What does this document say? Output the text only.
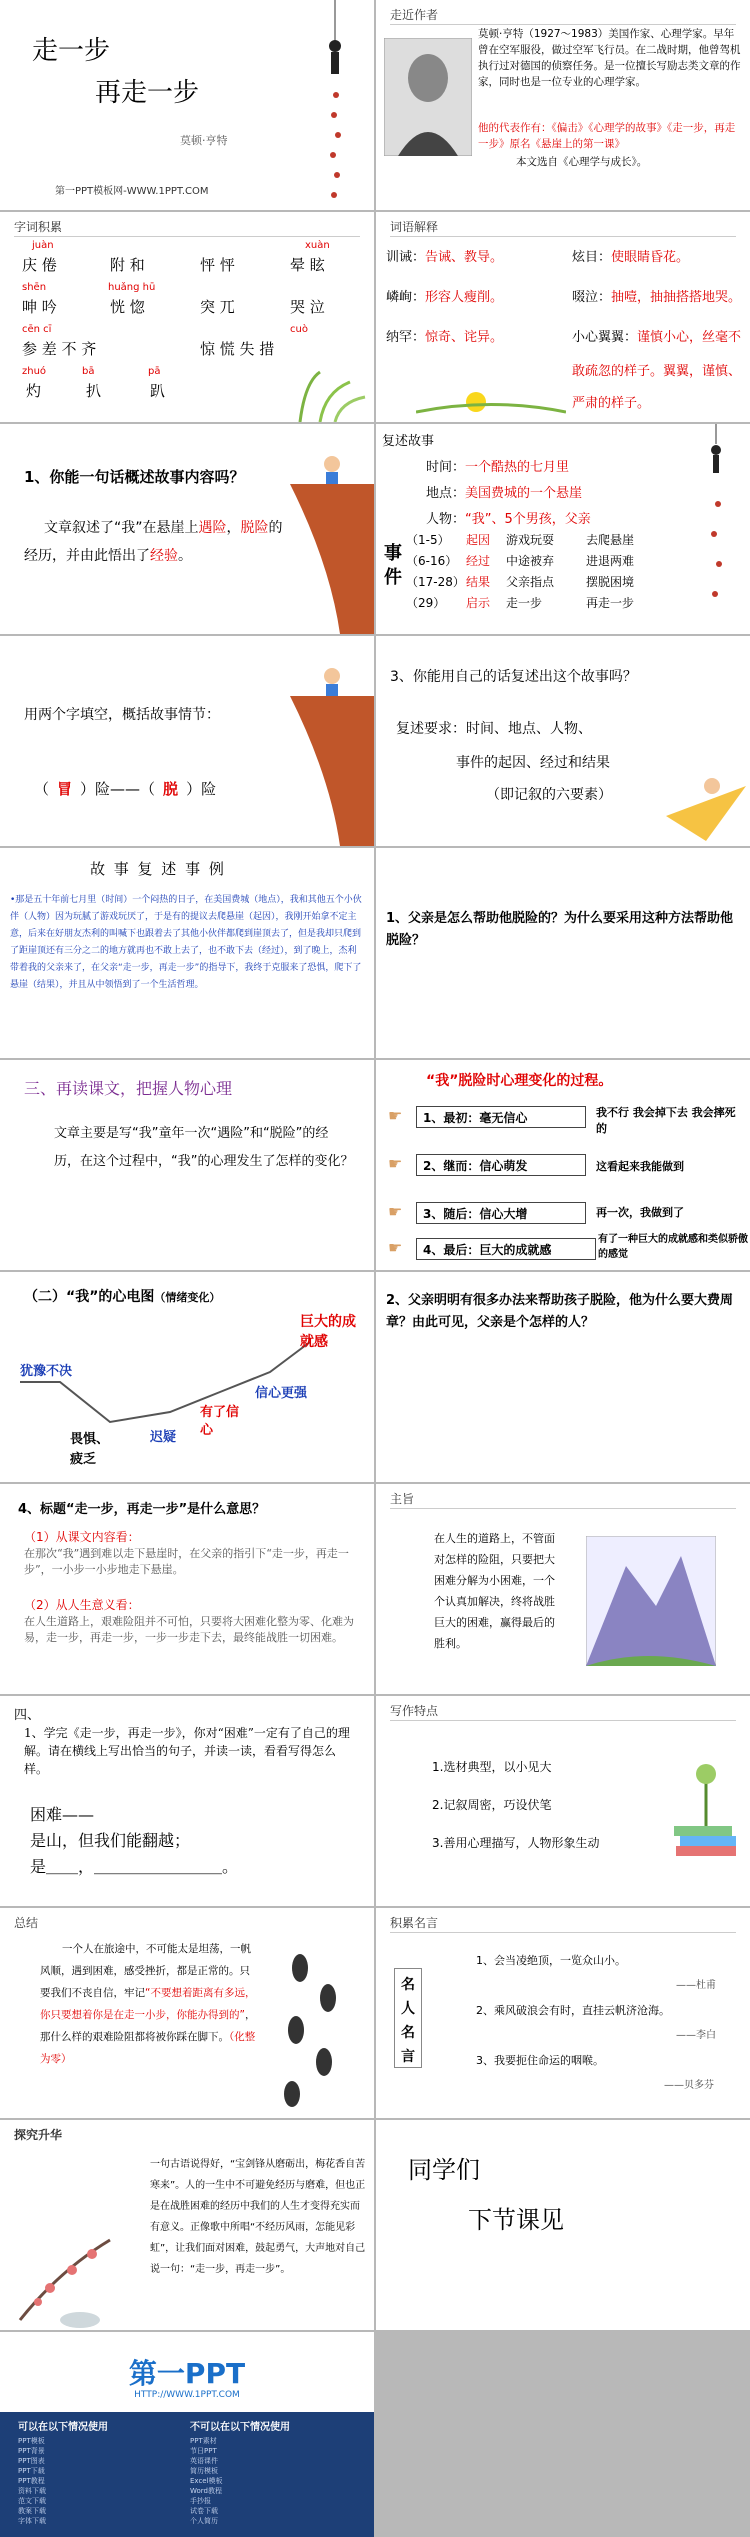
走一步
再走一步
莫顿·亨特
第一PPT模板网-WWW.1PPT.COM
走近作者
莫顿·亨特（1927～1983）美国作家、心理学家。早年曾在空军服役，做过空军飞行员。在二战时期，他曾驾机执行过对德国的侦察任务。是一位擅长写励志类文章的作家，同时也是一位专业的心理学家。
他的代表作有：《偏击》《心理学的故事》《走一步，再走一步》原名《悬崖上的第一课》
本文选自《心理学与成长》。
字词积累
juàn	xuàn
庆 倦	附 和	怦 怦	晕 眩
shēn	huǎng hū
呻 吟	恍 惚	突 兀	哭 泣
cēn cī	cuò
参 差 不 齐	惊 慌 失 措
zhuó	bā	pā
灼	扒	趴
词语解释
训诫：告诫、教导。	炫目：使眼睛昏花。
嶙峋：形容人瘦削。	啜泣：抽噎，抽抽搭搭地哭。
纳罕：惊奇、诧异。	小心翼翼：谨慎小心，丝毫不
敢疏忽的样子。翼翼，谨慎、
严肃的样子。
1、你能一句话概述故事内容吗？
文章叙述了“我”在悬崖上遇险，脱险的经历，并由此悟出了经验。
复述故事
时间：一个酷热的七月里
地点：美国费城的一个悬崖
人物：“我”、5个男孩，父亲
事件
（1-5） 起因 游戏玩耍	去爬悬崖
（6-16） 经过 中途被弃	进退两难
（17-28）结果 父亲指点	摆脱困境
（29） 启示 走一步	再走一步
用两个字填空，概括故事情节：
（ 冒 ）险——（ 脱 ）险
3、你能用自己的话复述出这个故事吗？
复述要求：时间、地点、人物、
事件的起因、经过和结果
（即记叙的六要素）
故 事 复 述 事 例
•那是五十年前七月里（时间）一个闷热的日子，在美国费城（地点），我和其他五个小伙伴（人物）因为玩腻了游戏玩厌了，于是有的提议去爬悬崖（起因），我刚开始拿不定主意，后来在好朋友杰利的叫喊下也跟着去了其他小伙伴都爬到崖顶去了，但是我却只爬到了距崖顶还有三分之二的地方就再也不敢上去了，也不敢下去（经过），到了晚上，杰利带着我的父亲来了，在父亲“走一步，再走一步”的指导下，我终于克服来了恐惧，爬下了悬崖（结果），并且从中领悟到了一个生活哲理。
1、父亲是怎么帮助他脱险的？为什么要采用这种方法帮助他脱险？
三、再读课文，把握人物心理
文章主要是写“我”童年一次“遇险”和“脱险”的经历，在这个过程中，“我”的心理发生了怎样的变化？
“我”脱险时心理变化的过程。
1、最初：毫无信心	我不行 我会掉下去 我会摔死的
2、继而：信心萌发	这看起来我能做到
3、随后：信心大增	再一次，我做到了
4、最后：巨大的成就感
有了一种巨大的成就感和类似骄傲的感觉
☛
☛
☛
☛
（二）“我”的心电图（情绪变化）
犹豫不决
畏惧、疲乏
迟疑
有了信心
信心更强
巨大的成就感
2、父亲明明有很多办法来帮助孩子脱险，他为什么要大费周章？由此可见，父亲是个怎样的人？
4、标题“走一步，再走一步”是什么意思？
（1）从课文内容看：
在那次“我”遇到难以走下悬崖时，在父亲的指引下“走一步，再走一步”，一小步一小步地走下悬崖。
（2）从人生意义看：
在人生道路上，艰难险阻并不可怕，只要将大困难化整为零、化难为易，走一步，再走一步，一步一步走下去，最终能战胜一切困难。
主旨
在人生的道路上，不管面对怎样的险阻，只要把大困难分解为小困难，一个个认真加解决，终将战胜巨大的困难，赢得最后的胜利。
四、
1、学完《走一步，再走一步》，你对“困难”一定有了自己的理解。请在横线上写出恰当的句子，并读一读，看看写得怎么样。
困难——
是山，但我们能翻越；
是＿＿，＿＿＿＿＿＿＿＿。
写作特点
1.选材典型，以小见大
2.记叙周密，巧设伏笔
3.善用心理描写，人物形象生动
总结
一个人在旅途中，不可能太是坦荡，一帆风顺，遇到困难，感受挫折，都是正常的。只要我们不丧自信，牢记“不要想着距离有多远，你只要想着你是在走一小步，你能办得到的”，那什么样的艰难险阻都将被你踩在脚下。（化整为零）
积累名言
名人名言
1、会当凌绝顶，一览众山小。
——杜甫
2、乘风破浪会有时，直挂云帆济沧海。
——李白
3、我要扼住命运的咽喉。
——贝多芬
探究升华
一句古语说得好，“宝剑锋从磨砺出，梅花香自苦寒来”。人的一生中不可避免经历与磨难，但也正是在战胜困难的经历中我们的人生才变得充实而有意义。正像歌中所唱“不经历风雨，怎能见彩虹”，让我们面对困难，鼓起勇气，大声地对自己说一句：“走一步，再走一步”。
同学们
下节课见
第一PPT
HTTP://WWW.1PPT.COM
可以在以下情况使用	不可以在以下情况使用
PPT模板
PPT背景
PPT图表
PPT下载
PPT教程
资料下载
范文下载
教案下载
字体下载
PPT素材
节日PPT
英语课件
简历模板
Excel模板
Word教程
手抄报
试卷下载
个人简历
